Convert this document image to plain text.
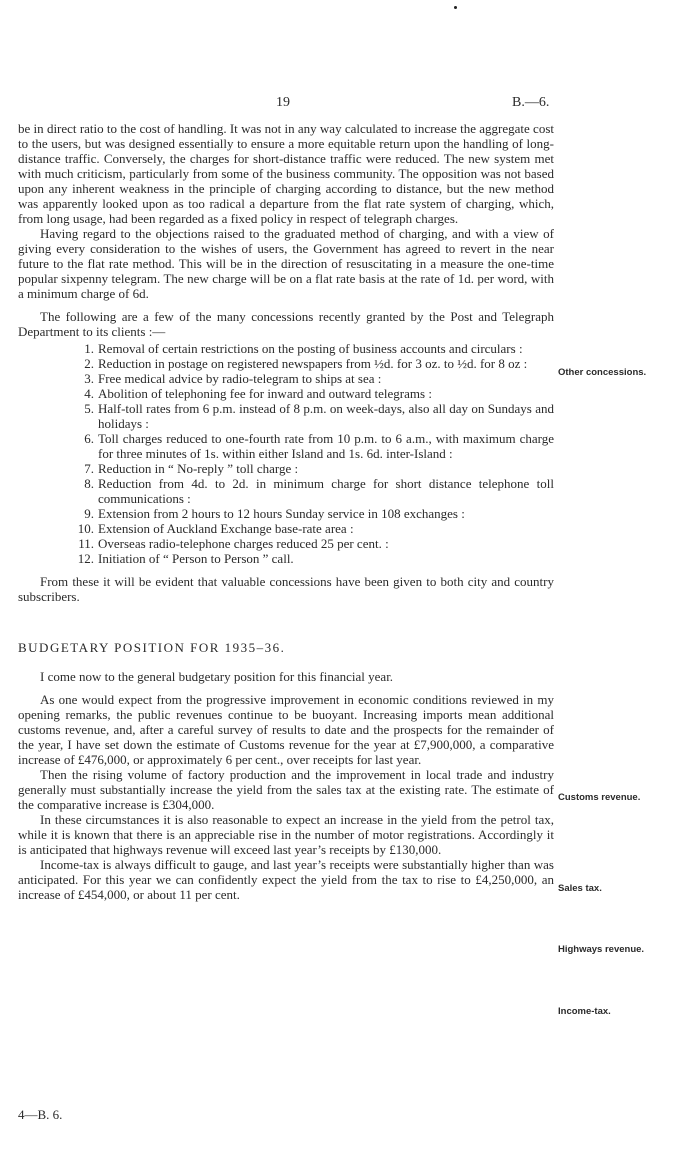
19	B.—6.

be in direct ratio to the cost of handling. It was not in any way calculated to increase the aggregate cost to the users, but was designed essentially to ensure a more equitable return upon the handling of long-distance traffic. Conversely, the charges for short-distance traffic were reduced. The new system met with much criticism, particularly from some of the business community. The opposition was not based upon any inherent weakness in the principle of charging according to distance, but the new method was apparently looked upon as too radical a departure from the flat rate system of charging, which, from long usage, had been regarded as a fixed policy in respect of telegraph charges.

Having regard to the objections raised to the graduated method of charging, and with a view of giving every consideration to the wishes of users, the Government has agreed to revert in the near future to the flat rate method. This will be in the direction of resuscitating in a measure the one-time popular sixpenny telegram. The new charge will be on a flat rate basis at the rate of 1d. per word, with a minimum charge of 6d.

The following are a few of the many concessions recently granted by the Post and Telegraph Department to its clients :—

1. Removal of certain restrictions on the posting of business accounts and circulars :
2. Reduction in postage on registered newspapers from ½d. for 3 oz. to ½d. for 8 oz :
3. Free medical advice by radio-telegram to ships at sea :
4. Abolition of telephoning fee for inward and outward telegrams :
5. Half-toll rates from 6 p.m. instead of 8 p.m. on week-days, also all day on Sundays and holidays :
6. Toll charges reduced to one-fourth rate from 10 p.m. to 6 a.m., with maximum charge for three minutes of 1s. within either Island and 1s. 6d. inter-Island :
7. Reduction in “ No-reply ” toll charge :
8. Reduction from 4d. to 2d. in minimum charge for short distance telephone toll communications :
9. Extension from 2 hours to 12 hours Sunday service in 108 exchanges :
10. Extension of Auckland Exchange base-rate area :
11. Overseas radio-telephone charges reduced 25 per cent. :
12. Initiation of “ Person to Person ” call.

From these it will be evident that valuable concessions have been given to both city and country subscribers.

BUDGETARY POSITION FOR 1935–36.

I come now to the general budgetary position for this financial year.

As one would expect from the progressive improvement in economic conditions reviewed in my opening remarks, the public revenues continue to be buoyant. Increasing imports mean additional customs revenue, and, after a careful survey of results to date and the prospects for the remainder of the year, I have set down the estimate of Customs revenue for the year at £7,900,000, a comparative increase of £476,000, or approximately 6 per cent., over receipts for last year.

Then the rising volume of factory production and the improvement in local trade and industry generally must substantially increase the yield from the sales tax at the existing rate. The estimate of the comparative increase is £304,000.

In these circumstances it is also reasonable to expect an increase in the yield from the petrol tax, while it is known that there is an appreciable rise in the number of motor registrations. Accordingly it is anticipated that highways revenue will exceed last year’s receipts by £130,000.

Income-tax is always difficult to gauge, and last year’s receipts were substantially higher than was anticipated. For this year we can confidently expect the yield from the tax to rise to £4,250,000, an increase of £454,000, or about 11 per cent.

Other concessions.
Customs revenue.
Sales tax.
Highways revenue.
Income-tax.
4—B. 6.
